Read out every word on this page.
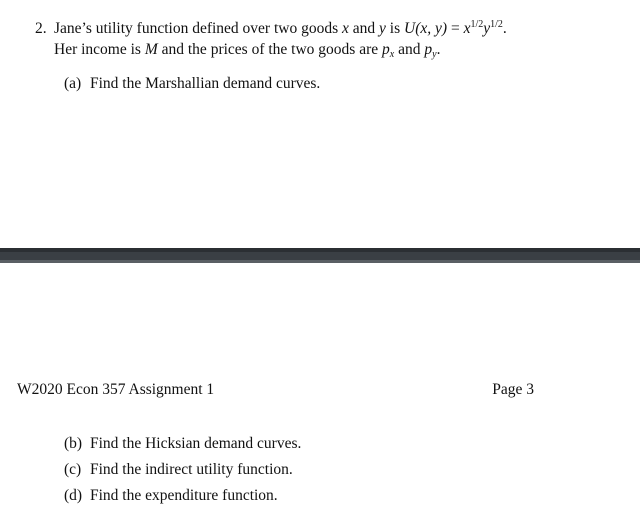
2. Jane’s utility function defined over two goods x and y is U(x, $y) = x^{1/2}y^{1/2}$.
Her income is M and the prices of the two goods are $p_x$ and $p_y$.
(a) Find the Marshallian demand curves.
W2020 Econ 357 Assignment 1	Page 3
(b) Find the Hicksian demand curves.
(c) Find the indirect utility function.
(d) Find the expenditure function.
